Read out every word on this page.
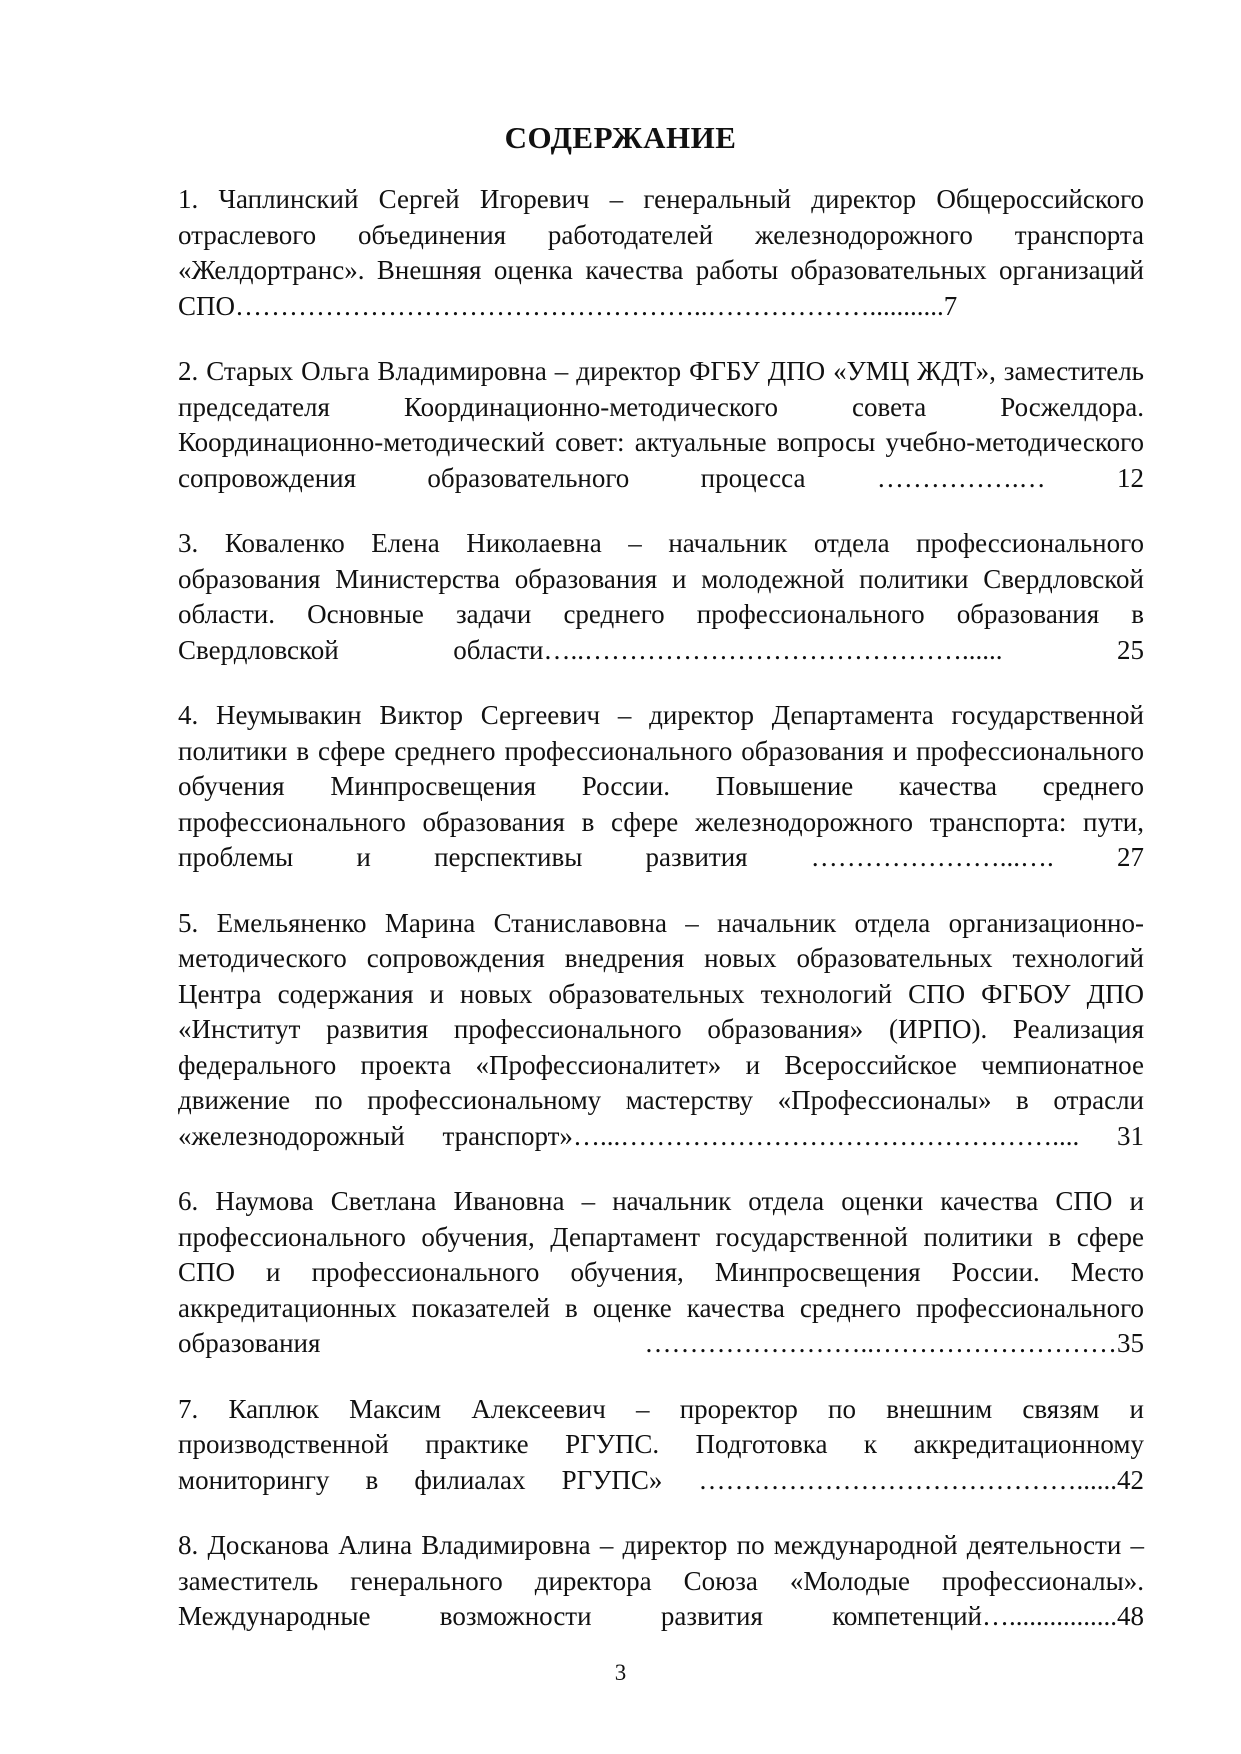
СОДЕРЖАНИЕ
1. Чаплинский Сергей Игоревич – генеральный директор Общероссийского отраслевого объединения работодателей железнодорожного транспорта «Желдортранс». Внешняя оценка качества работы образовательных организаций СПО……………………………………………..………………...........7
2. Старых Ольга Владимировна – директор ФГБУ ДПО «УМЦ ЖДТ», заместитель председателя Координационно-методического совета Росжелдора. Координационно-методический совет: актуальные вопросы учебно-методического сопровождения образовательного процесса	…………….… 12
3. Коваленко Елена Николаевна – начальник отдела профессионального образования Министерства образования и молодежной политики Свердловской области. Основные задачи среднего профессионального образования в Свердловской области…..……………………………………...... 25
4. Неумывакин Виктор Сергеевич – директор Департамента государственной политики в сфере среднего профессионального образования и профессионального обучения Минпросвещения России. Повышение качества среднего профессионального образования в сфере железнодорожного транспорта: пути, проблемы и перспективы развития …………………...…. 27
5. Емельяненко Марина Станиславовна – начальник отдела организационно-методического сопровождения внедрения новых образовательных технологий Центра содержания и новых образовательных технологий СПО ФГБОУ ДПО «Институт развития профессионального образования» (ИРПО). Реализация федерального проекта «Профессионалитет» и Всероссийское чемпионатное движение по профессиональному мастерству «Профессионалы» в отрасли «железнодорожный транспорт»…...………………………………………….... 31
6. Наумова Светлана Ивановна – начальник отдела оценки качества СПО и профессионального обучения, Департамент государственной политики в сфере СПО и профессионального обучения, Минпросвещения России. Место аккредитационных показателей в оценке качества среднего профессионального образования	……………………..………………………35
7. Каплюк Максим Алексеевич – проректор по внешним связям и производственной практике РГУПС. Подготовка к аккредитационному мониторингу в филиалах РГУПС» ……………………………………......42
8. Досканова Алина Владимировна – директор по международной деятельности – заместитель генерального директора Союза «Молодые профессионалы». Международные возможности развития компетенций…................48
3
